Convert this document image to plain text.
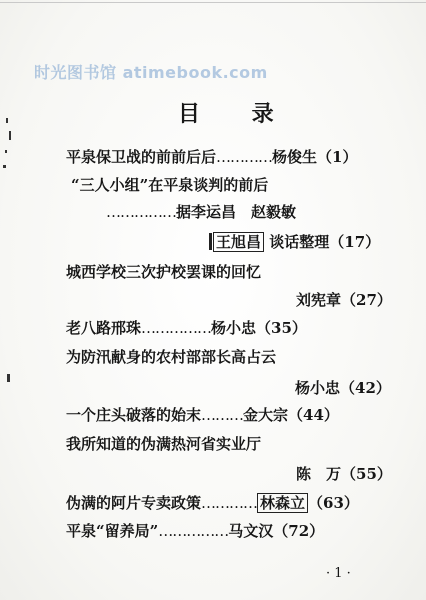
时光图书馆 atimebook.com
目 录
平泉保卫战的前前后后…………杨俊生（1）
“三人小组”在平泉谈判的前后
……………据李运昌　 赵毅敏
王旭昌 谈话整理（17）
城西学校三次护校罢课的回忆
刘宪章（27）
老八路邢珠……………杨小忠（35）
为防汛献身的农村部部长高占云
杨小忠（42）
一个庄头破落的始末………金大宗（44）
我所知道的伪满热河省实业厅
陈　万（55）
伪满的阿片专卖政策………… 林森立 （63）
平泉“留养局”……………马文汉（72）
· 1 ·
